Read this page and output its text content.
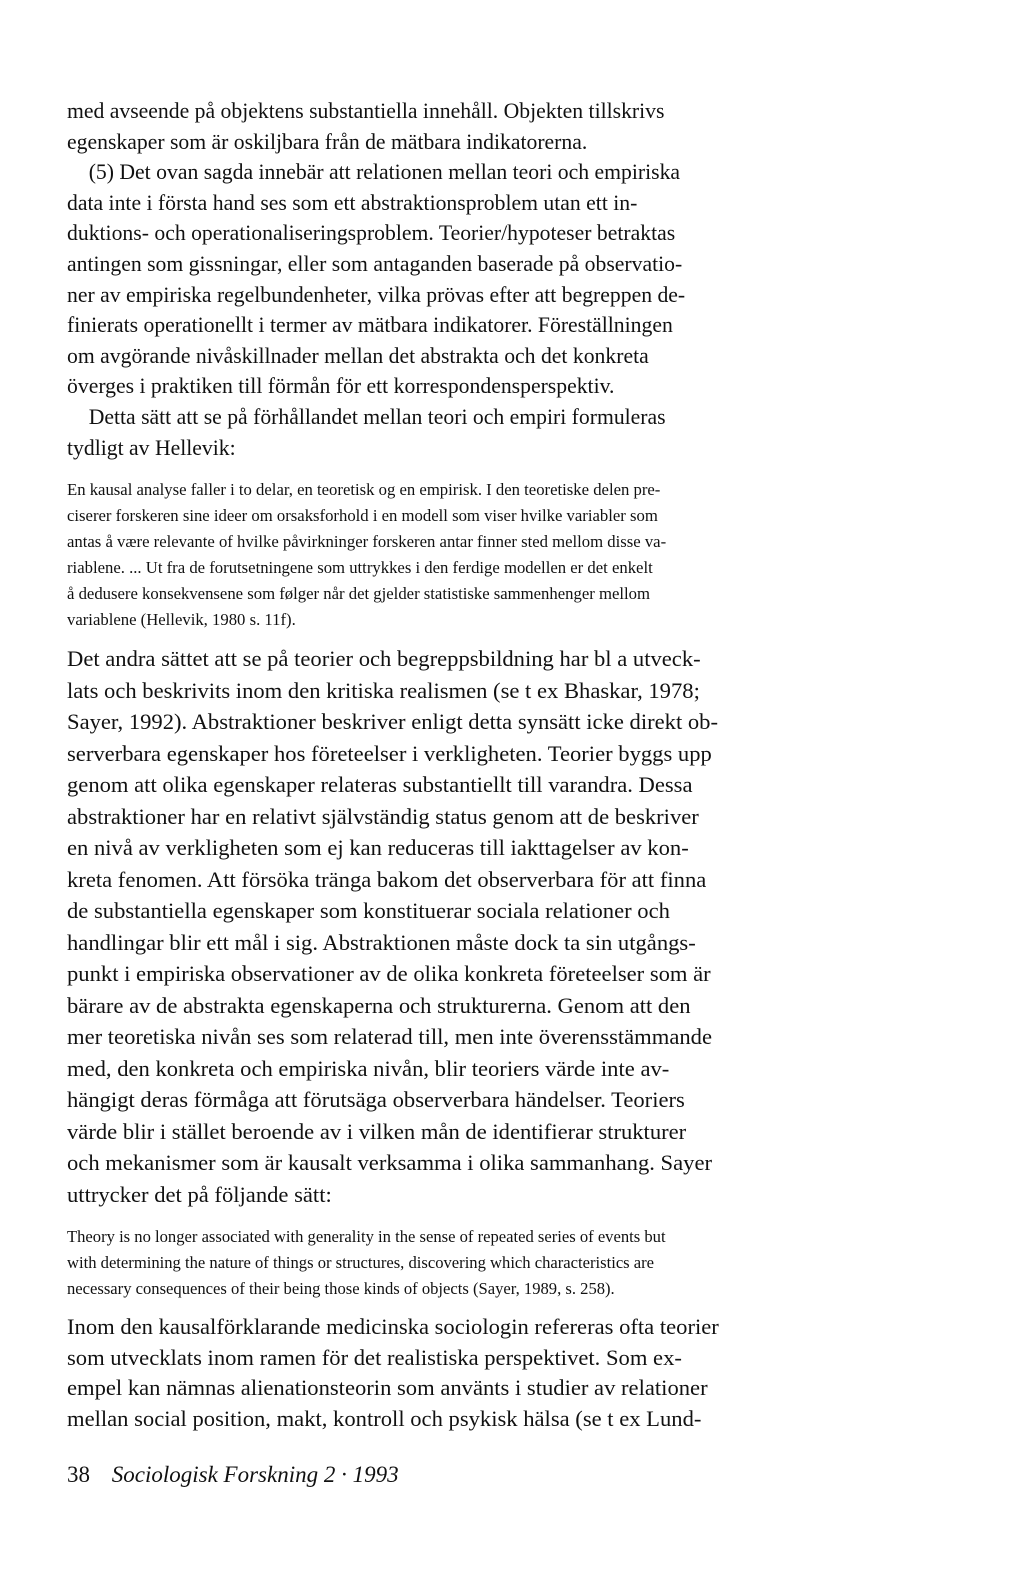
med avseende på objektens substantiella innehåll. Objekten tillskrivs
egenskaper som är oskiljbara från de mätbara indikatorerna.
(5) Det ovan sagda innebär att relationen mellan teori och empiriska
data inte i första hand ses som ett abstraktionsproblem utan ett in-
duktions- och operationaliseringsproblem. Teorier/hypoteser betraktas
antingen som gissningar, eller som antaganden baserade på observatio-
ner av empiriska regelbundenheter, vilka prövas efter att begreppen de-
finierats operationellt i termer av mätbara indikatorer. Föreställningen
om avgörande nivåskillnader mellan det abstrakta och det konkreta
överges i praktiken till förmån för ett korrespondensperspektiv.
Detta sätt att se på förhållandet mellan teori och empiri formuleras
tydligt av Hellevik:
En kausal analyse faller i to delar, en teoretisk og en empirisk. I den teoretiske delen pre-
ciserer forskeren sine ideer om orsaksforhold i en modell som viser hvilke variabler som
antas å være relevante of hvilke påvirkninger forskeren antar finner sted mellom disse va-
riablene. ... Ut fra de forutsetningene som uttrykkes i den ferdige modellen er det enkelt
å dedusere konsekvensene som følger når det gjelder statistiske sammenhenger mellom
variablene (Hellevik, 1980 s. 11f).
Det andra sättet att se på teorier och begreppsbildning har bl a utveck-
lats och beskrivits inom den kritiska realismen (se t ex Bhaskar, 1978;
Sayer, 1992). Abstraktioner beskriver enligt detta synsätt icke direkt ob-
serverbara egenskaper hos företeelser i verkligheten. Teorier byggs upp
genom att olika egenskaper relateras substantiellt till varandra. Dessa
abstraktioner har en relativt självständig status genom att de beskriver
en nivå av verkligheten som ej kan reduceras till iakttagelser av kon-
kreta fenomen. Att försöka tränga bakom det observerbara för att finna
de substantiella egenskaper som konstituerar sociala relationer och
handlingar blir ett mål i sig. Abstraktionen måste dock ta sin utgångs-
punkt i empiriska observationer av de olika konkreta företeelser som är
bärare av de abstrakta egenskaperna och strukturerna. Genom att den
mer teoretiska nivån ses som relaterad till, men inte överensstämmande
med, den konkreta och empiriska nivån, blir teoriers värde inte av-
hängigt deras förmåga att förutsäga observerbara händelser. Teoriers
värde blir i stället beroende av i vilken mån de identifierar strukturer
och mekanismer som är kausalt verksamma i olika sammanhang. Sayer
uttrycker det på följande sätt:
Theory is no longer associated with generality in the sense of repeated series of events but
with determining the nature of things or structures, discovering which characteristics are
necessary consequences of their being those kinds of objects (Sayer, 1989, s. 258).
Inom den kausalförklarande medicinska sociologin refereras ofta teorier
som utvecklats inom ramen för det realistiska perspektivet. Som ex-
empel kan nämnas alienationsteorin som använts i studier av relationer
mellan social position, makt, kontroll och psykisk hälsa (se t ex Lund-
38 Sociologisk Forskning 2 · 1993
